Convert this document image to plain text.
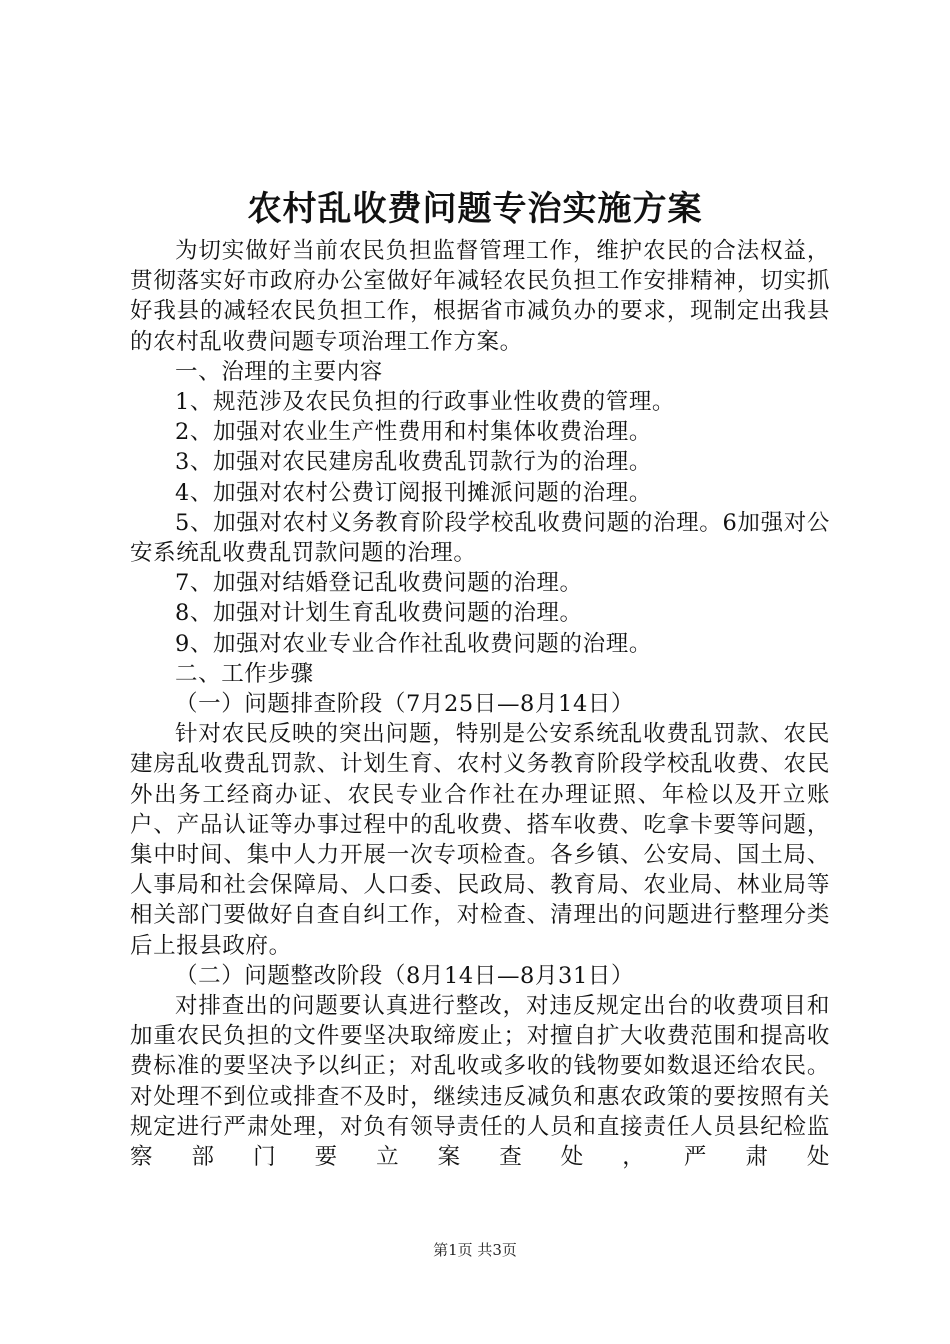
农村乱收费问题专治实施方案

为切实做好当前农民负担监督管理工作，维护农民的合法权益，贯彻落实好市政府办公室做好年减轻农民负担工作安排精神，切实抓好我县的减轻农民负担工作，根据省市减负办的要求，现制定出我县的农村乱收费问题专项治理工作方案。

一、治理的主要内容

1、规范涉及农民负担的行政事业性收费的管理。

2、加强对农业生产性费用和村集体收费治理。

3、加强对农民建房乱收费乱罚款行为的治理。

4、加强对农村公费订阅报刊摊派问题的治理。

5、加强对农村义务教育阶段学校乱收费问题的治理。6加强对公安系统乱收费乱罚款问题的治理。

7、加强对结婚登记乱收费问题的治理。

8、加强对计划生育乱收费问题的治理。

9、加强对农业专业合作社乱收费问题的治理。

二、工作步骤

（一）问题排查阶段（7月25日—8月14日）

针对农民反映的突出问题，特别是公安系统乱收费乱罚款、农民建房乱收费乱罚款、计划生育、农村义务教育阶段学校乱收费、农民外出务工经商办证、农民专业合作社在办理证照、年检以及开立账户、产品认证等办事过程中的乱收费、搭车收费、吃拿卡要等问题，集中时间、集中人力开展一次专项检查。各乡镇、公安局、国土局、人事局和社会保障局、人口委、民政局、教育局、农业局、林业局等相关部门要做好自查自纠工作，对检查、清理出的问题进行整理分类后上报县政府。

（二）问题整改阶段（8月14日—8月31日）

对排查出的问题要认真进行整改，对违反规定出台的收费项目和加重农民负担的文件要坚决取缔废止；对擅自扩大收费范围和提高收费标准的要坚决予以纠正；对乱收或多收的钱物要如数退还给农民。对处理不到位或排查不及时，继续违反减负和惠农政策的要按照有关规定进行严肃处理，对负有领导责任的人员和直接责任人员县纪检监察部门要立案查处，严肃处

第1页 共3页
